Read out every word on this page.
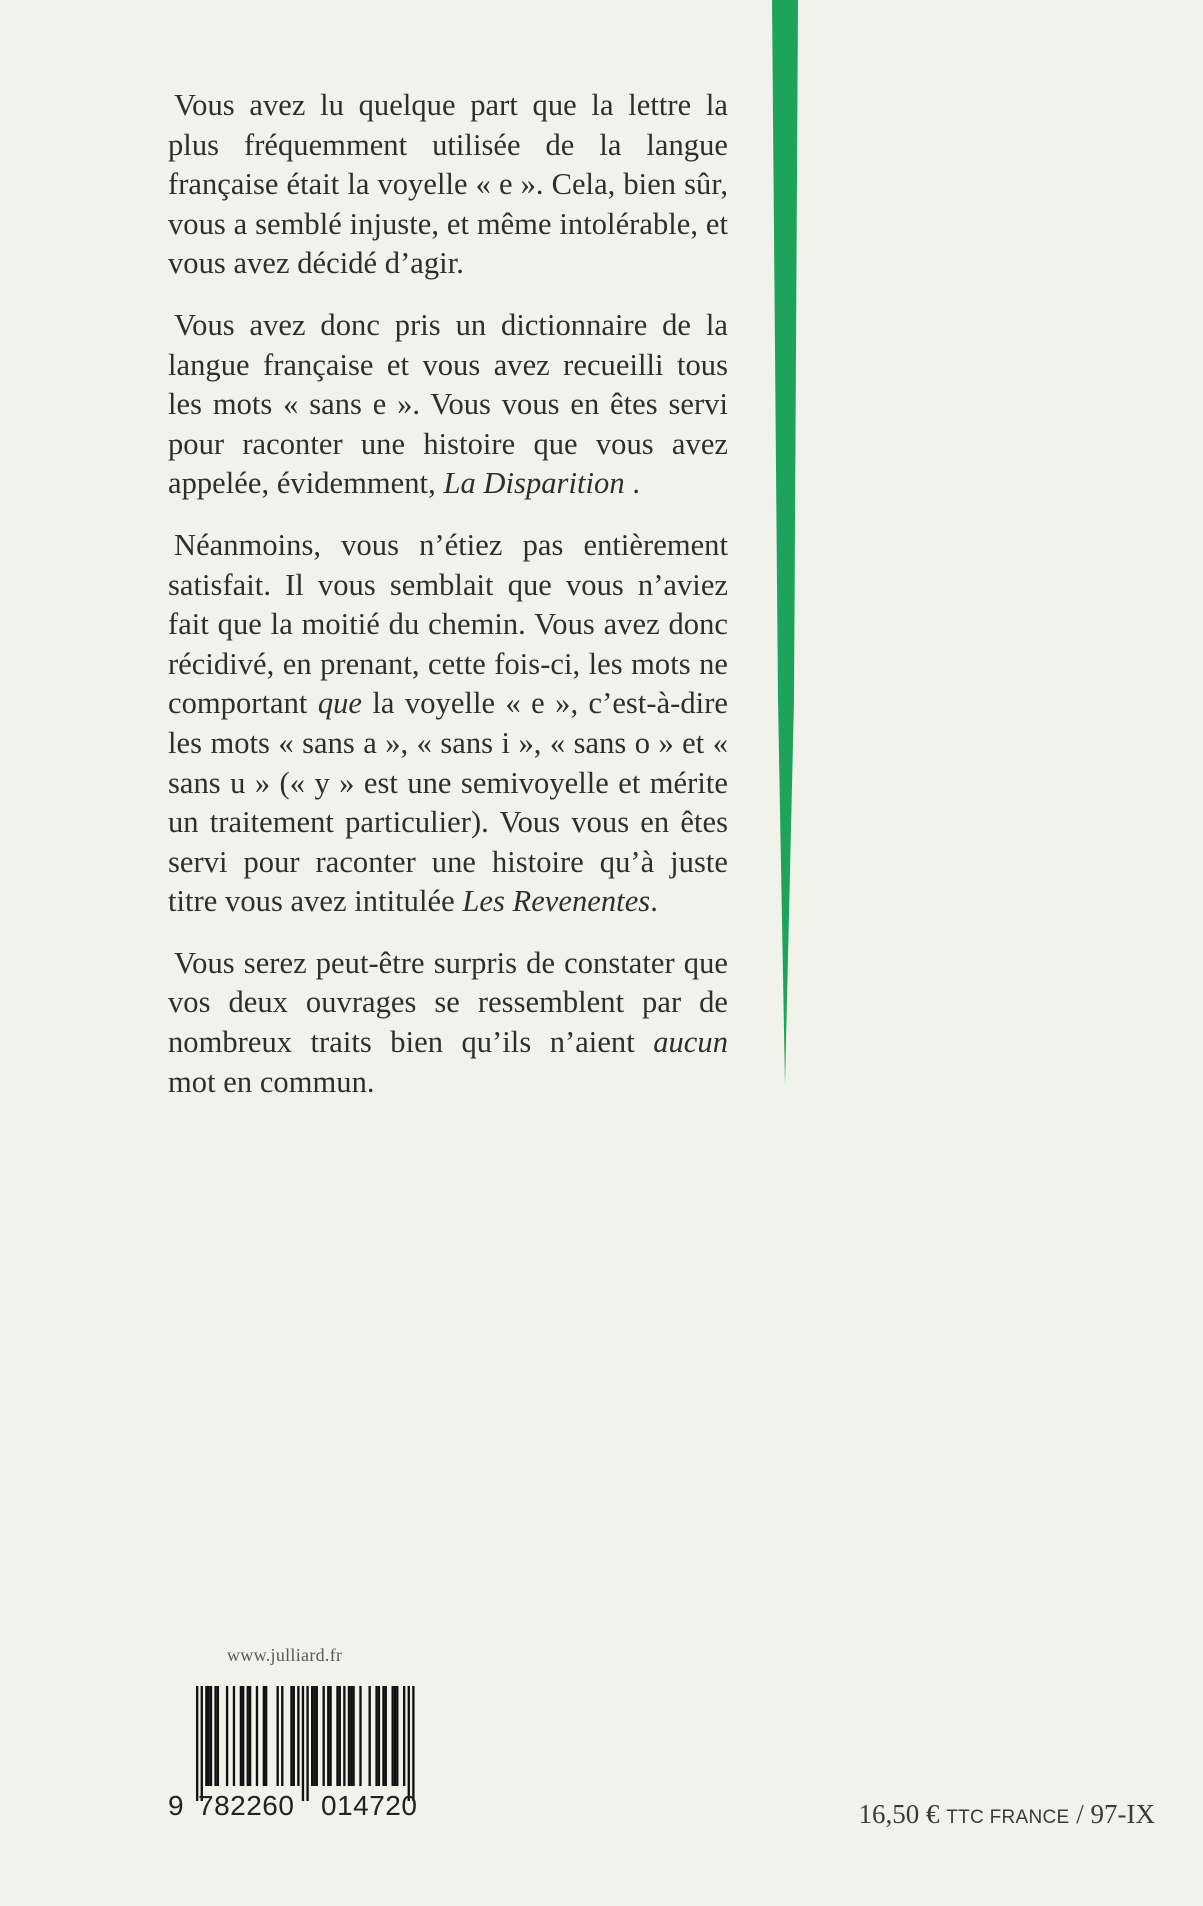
Vous avez lu quelque part que la lettre la plus fréquemment utilisée de la langue française était la voyelle « e ». Cela, bien sûr, vous a semblé injuste, et même intolérable, et vous avez décidé d’agir.

Vous avez donc pris un dictionnaire de la langue française et vous avez recueilli tous les mots « sans e ». Vous vous en êtes servi pour raconter une histoire que vous avez appelée, évidemment, La Disparition .

Néanmoins, vous n’étiez pas entièrement satisfait. Il vous semblait que vous n’aviez fait que la moitié du chemin. Vous avez donc récidivé, en prenant, cette fois-ci, les mots ne comportant que la voyelle « e », c’est-à-dire les mots « sans a », « sans i », « sans o » et « sans u » (« y » est une semivoyelle et mérite un traitement particulier). Vous vous en êtes servi pour raconter une histoire qu’à juste titre vous avez intitulée Les Revenentes.

Vous serez peut-être surpris de constater que vos deux ouvrages se ressemblent par de nombreux traits bien qu’ils n’aient aucun mot en commun.

www.julliard.fr
9 782260 014720	16,50 € TTC FRANCE / 97-IX
